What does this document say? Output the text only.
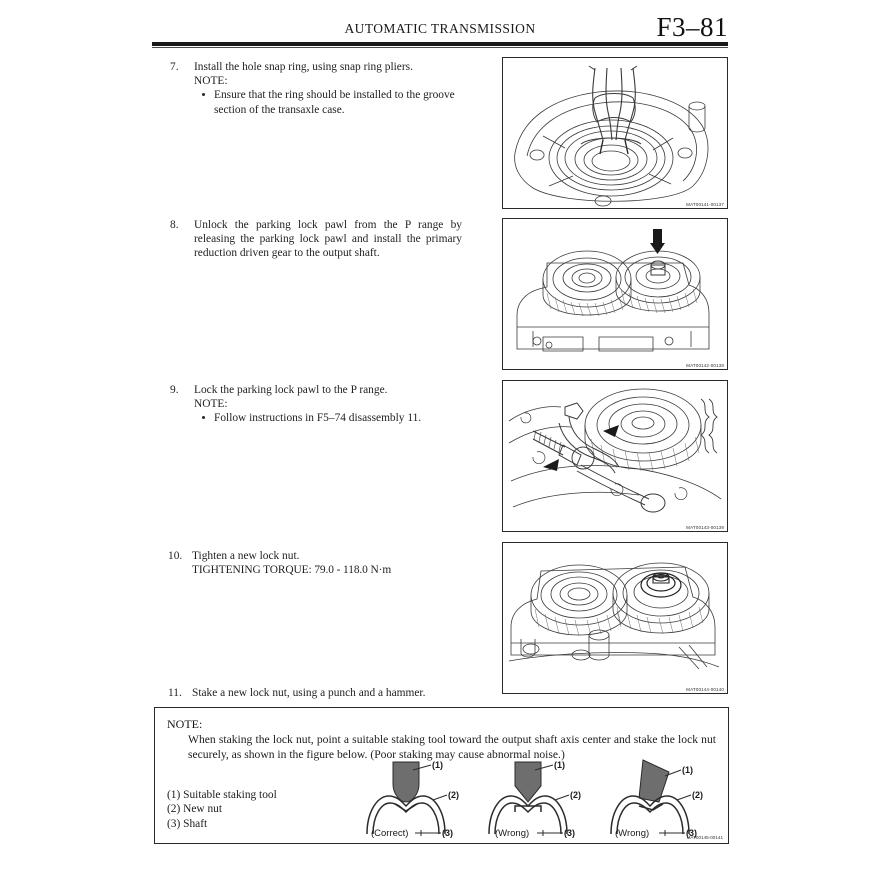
AUTOMATIC TRANSMISSION	F3–81
7.	Install the hole snap ring, using snap ring pliers.
NOTE:
Ensure that the ring should be installed to the groove section of the transaxle case.
8.	Unlock the parking lock pawl from the P range by releasing the parking lock pawl and install the primary reduction driven gear to the output shaft.
9.	Lock the parking lock pawl to the P range.
NOTE:
Follow instructions in F5–74 disassembly 11.
10. Tighten a new lock nut.
TIGHTENING TORQUE: 79.0 - 118.0 N·m
11. Stake a new lock nut, using a punch and a hammer.
MAT00141-00137
MAT00142-00138
MAT00143-00139
MAT00144-00140
NOTE:
When staking the lock nut, point a suitable staking tool toward the output shaft axis center and stake the lock nut securely, as shown in the figure below. (Poor staking may cause abnormal noise.)
(1) Suitable staking tool
(2) New nut
(3) Shaft
(1)
(2)
(3)
(Correct)
(1)
(2)
(3)
(Wrong)
(1)
(2)
(3)
(Wrong)	MAT00145-00141
